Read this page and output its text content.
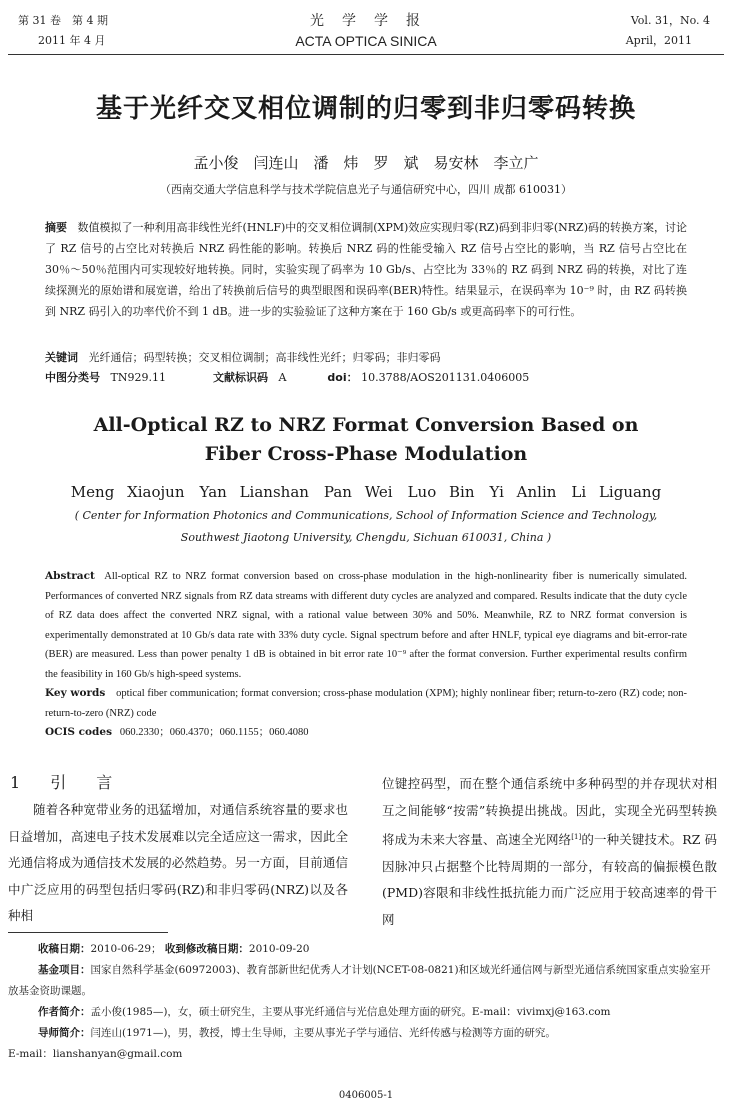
第 31 卷　第 4 期
2011 年 4 月
光　学　学　报
ACTA OPTICA SINICA
Vol. 31，No. 4
April，2011
基于光纤交叉相位调制的归零到非归零码转换
孟小俊　闫连山　潘　炜　罗　斌　易安林　李立广
（西南交通大学信息科学与技术学院信息光子与通信研究中心，四川 成都 610031）
摘要 数值模拟了一种利用高非线性光纤(HNLF)中的交叉相位调制(XPM)效应实现归零(RZ)码到非归零(NRZ)码的转换方案，讨论了 RZ 信号的占空比对转换后 NRZ 码性能的影响。转换后 NRZ 码的性能受输入 RZ 信号占空比的影响，当 RZ 信号占空比在 30％～50％范围内可实现较好地转换。同时，实验实现了码率为 10 Gb/s、占空比为 33％的 RZ 码到 NRZ 码的转换，对比了连续探测光的原始谱和展宽谱，给出了转换前后信号的典型眼图和误码率(BER)特性。结果显示，在误码率为 10⁻⁹ 时，由 RZ 码转换到 NRZ 码引入的功率代价不到 1 dB。进一步的实验验证了这种方案在于 160 Gb/s 或更高码率下的可行性。
关键词 光纤通信；码型转换；交叉相位调制；高非线性光纤；归零码；非归零码
中图分类号 TN929.11	文献标识码 A	doi： 10.3788/AOS201131.0406005
All-Optical RZ to NRZ Format Conversion Based on
Fiber Cross-Phase Modulation
Meng Xiaojun　Yan Lianshan　Pan Wei　Luo Bin　Yi Anlin　Li Liguang
( Center for Information Photonics and Communications, School of Information Science and Technology,
Southwest Jiaotong University, Chengdu, Sichuan 610031, China )
Abstract All-optical RZ to NRZ format conversion based on cross-phase modulation in the high-nonlinearity fiber is numerically simulated. Performances of converted NRZ signals from RZ data streams with different duty cycles are analyzed and compared. Results indicate that the duty cycle of RZ data does affect the converted NRZ signal, with a rational value between 30% and 50%. Meanwhile, RZ to NRZ format conversion is experimentally demonstrated at 10 Gb/s data rate with 33% duty cycle. Signal spectrum before and after HNLF, typical eye diagrams and bit-error-rate (BER) are measured. Less than power penalty 1 dB is obtained in bit error rate 10⁻⁹ after the format conversion. Further experimental results confirm the feasibility in 160 Gb/s high-speed systems.
Key words optical fiber communication; format conversion; cross-phase modulation (XPM); highly nonlinear fiber; return-to-zero (RZ) code; non-return-to-zero (NRZ) code
OCIS codes 060.2330；060.4370；060.1155；060.4080
1引言

随着各种宽带业务的迅猛增加，对通信系统容量的要求也日益增加，高速电子技术发展难以完全适应这一需求，因此全光通信将成为通信技术发展的必然趋势。另一方面，目前通信中广泛应用的码型包括归零码(RZ)和非归零码(NRZ)以及各种相

位键控码型，而在整个通信系统中多种码型的并存现状对相互之间能够“按需”转换提出挑战。因此，实现全光码型转换将成为未来大容量、高速全光网络[1]的一种关键技术。RZ 码因脉冲只占据整个比特周期的一部分，有较高的偏振模色散(PMD)容限和非线性抵抗能力而广泛应用于较高速率的骨干网

收稿日期：2010-06-29； 收到修改稿日期：2010-09-20
基金项目：国家自然科学基金(60972003)、教育部新世纪优秀人才计划(NCET-08-0821)和区域光纤通信网与新型光通信系统国家重点实验室开放基金资助课题。
作者简介：孟小俊(1985—)，女，硕士研究生，主要从事光纤通信与光信息处理方面的研究。E-mail：vivimxj@163.com
导师简介：闫连山(1971—)，男，教授，博士生导师，主要从事光子学与通信、光纤传感与检测等方面的研究。
E-mail：lianshanyan@gmail.com
0406005-1
